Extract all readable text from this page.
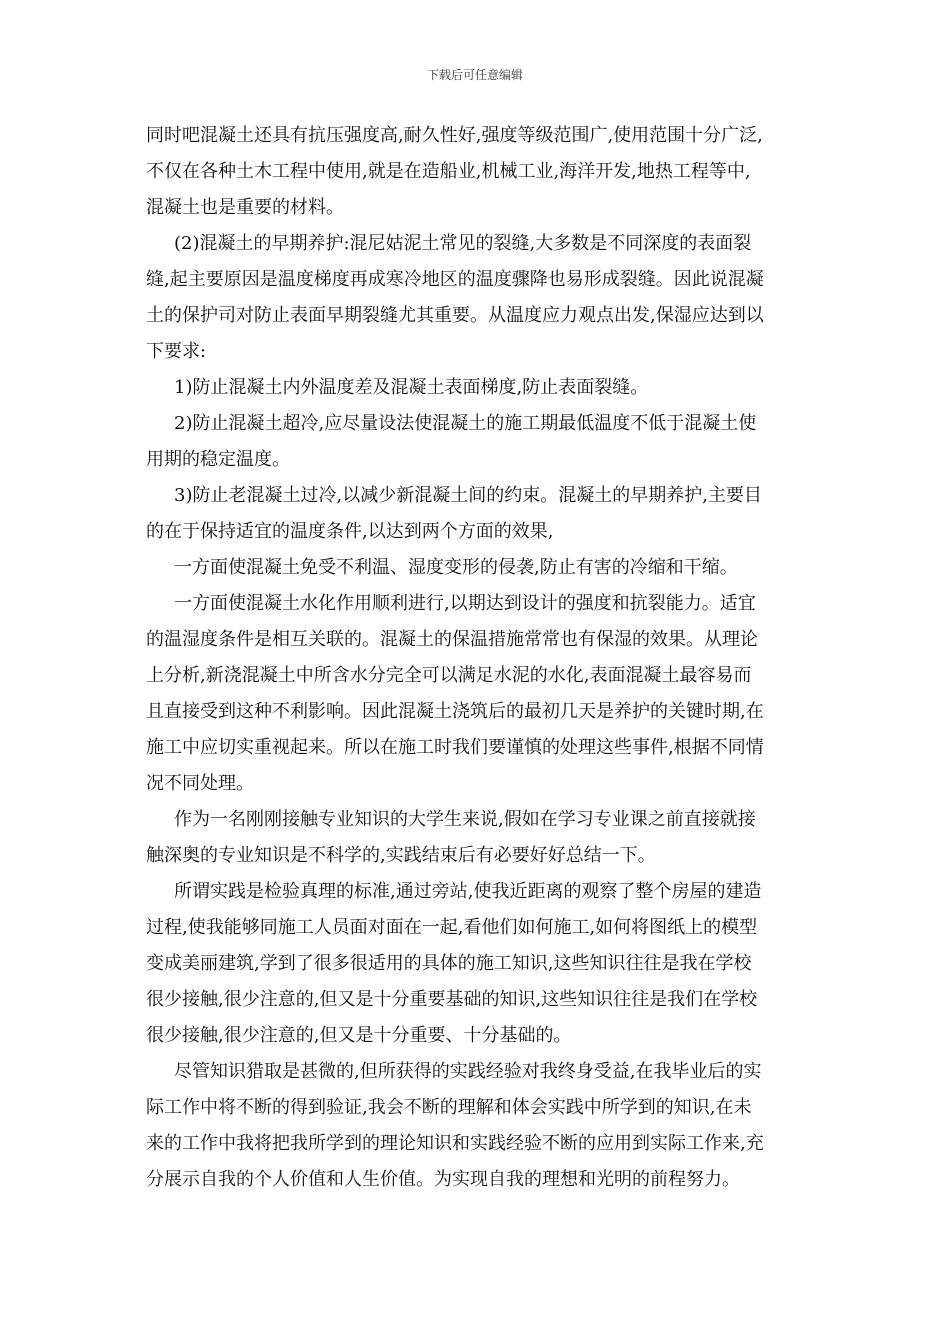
下载后可任意编辑
同时吧混凝土还具有抗压强度高,耐久性好,强度等级范围广,使用范围十分广泛,
不仅在各种土木工程中使用,就是在造船业,机械工业,海洋开发,地热工程等中,
混凝土也是重要的材料。
(2)混凝土的早期养护:混尼姑泥土常见的裂缝,大多数是不同深度的表面裂
缝,起主要原因是温度梯度再成寒冷地区的温度骤降也易形成裂缝。因此说混凝
土的保护司对防止表面早期裂缝尤其重要。从温度应力观点出发,保湿应达到以
下要求:
1)防止混凝土内外温度差及混凝土表面梯度,防止表面裂缝。
2)防止混凝土超冷,应尽量设法使混凝土的施工期最低温度不低于混凝土使
用期的稳定温度。
3)防止老混凝土过冷,以减少新混凝土间的约束。混凝土的早期养护,主要目
的在于保持适宜的温度条件,以达到两个方面的效果,
一方面使混凝土免受不利温、湿度变形的侵袭,防止有害的冷缩和干缩。
一方面使混凝土水化作用顺利进行,以期达到设计的强度和抗裂能力。适宜
的温湿度条件是相互关联的。混凝土的保温措施常常也有保湿的效果。从理论
上分析,新浇混凝土中所含水分完全可以满足水泥的水化,表面混凝土最容易而
且直接受到这种不利影响。因此混凝土浇筑后的最初几天是养护的关键时期,在
施工中应切实重视起来。所以在施工时我们要谨慎的处理这些事件,根据不同情
况不同处理。
作为一名刚刚接触专业知识的大学生来说,假如在学习专业课之前直接就接
触深奥的专业知识是不科学的,实践结束后有必要好好总结一下。
所谓实践是检验真理的标准,通过旁站,使我近距离的观察了整个房屋的建造
过程,使我能够同施工人员面对面在一起,看他们如何施工,如何将图纸上的模型
变成美丽建筑,学到了很多很适用的具体的施工知识,这些知识往往是我在学校
很少接触,很少注意的,但又是十分重要基础的知识,这些知识往往是我们在学校
很少接触,很少注意的,但又是十分重要、十分基础的。
尽管知识猎取是甚微的,但所获得的实践经验对我终身受益,在我毕业后的实
际工作中将不断的得到验证,我会不断的理解和体会实践中所学到的知识,在未
来的工作中我将把我所学到的理论知识和实践经验不断的应用到实际工作来,充
分展示自我的个人价值和人生价值。为实现自我的理想和光明的前程努力。
